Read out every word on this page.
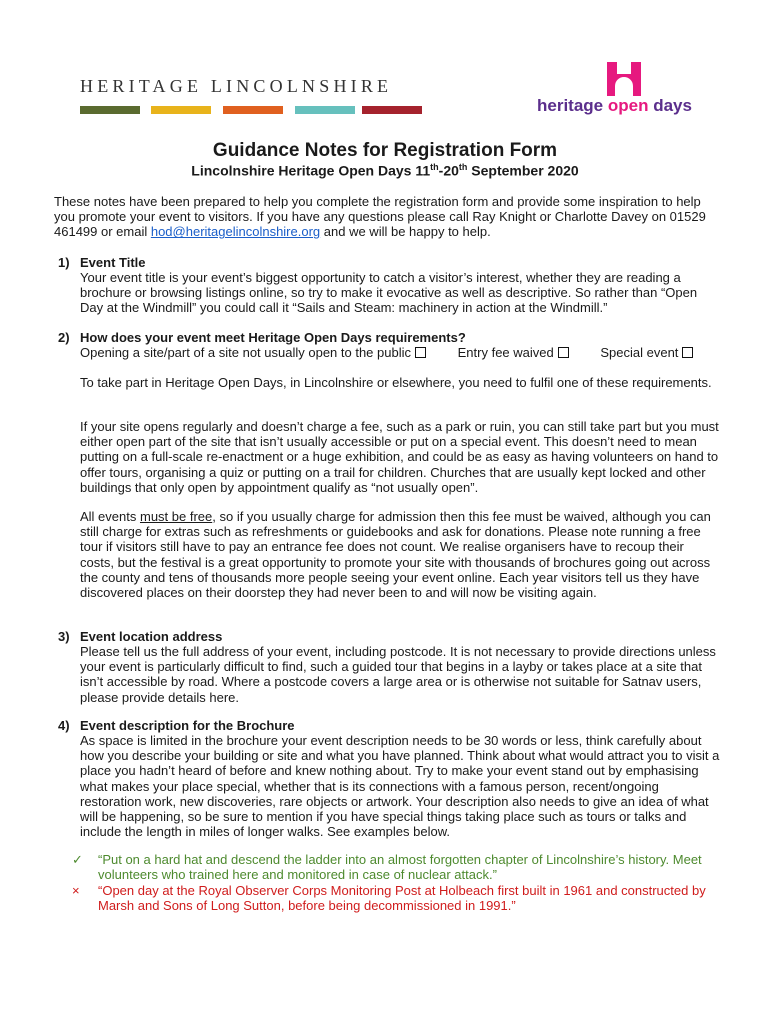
HERITAGE LINCOLNSHIRE
heritage open days
Guidance Notes for Registration Form
Lincolnshire Heritage Open Days 11th-20th September 2020
These notes have been prepared to help you complete the registration form and provide some inspiration to help you promote your event to visitors. If you have any questions please call Ray Knight or Charlotte Davey on 01529 461499 or email hod@heritagelincolnshire.org and we will be happy to help.
1) Event Title
Your event title is your event’s biggest opportunity to catch a visitor’s interest, whether they are reading a brochure or browsing listings online, so try to make it evocative as well as descriptive. So rather than “Open Day at the Windmill” you could call it “Sails and Steam: machinery in action at the Windmill.”
2) How does your event meet Heritage Open Days requirements?
Opening a site/part of a site not usually open to the public	Entry fee waived	Special event
To take part in Heritage Open Days, in Lincolnshire or elsewhere, you need to fulfil one of these requirements.
If your site opens regularly and doesn’t charge a fee, such as a park or ruin, you can still take part but you must either open part of the site that isn’t usually accessible or put on a special event. This doesn’t need to mean putting on a full-scale re-enactment or a huge exhibition, and could be as easy as having volunteers on hand to offer tours, organising a quiz or putting on a trail for children. Churches that are usually kept locked and other buildings that only open by appointment qualify as “not usually open”.
All events must be free, so if you usually charge for admission then this fee must be waived, although you can still charge for extras such as refreshments or guidebooks and ask for donations. Please note running a free tour if visitors still have to pay an entrance fee does not count. We realise organisers have to recoup their costs, but the festival is a great opportunity to promote your site with thousands of brochures going out across the county and tens of thousands more people seeing your event online. Each year visitors tell us they have discovered places on their doorstep they had never been to and will now be visiting again.
3) Event location address
Please tell us the full address of your event, including postcode. It is not necessary to provide directions unless your event is particularly difficult to find, such a guided tour that begins in a layby or takes place at a site that isn’t accessible by road. Where a postcode covers a large area or is otherwise not suitable for Satnav users, please provide details here.
4) Event description for the Brochure
As space is limited in the brochure your event description needs to be 30 words or less, think carefully about how you describe your building or site and what you have planned. Think about what would attract you to visit a place you hadn’t heard of before and knew nothing about. Try to make your event stand out by emphasising what makes your place special, whether that is its connections with a famous person, recent/ongoing restoration work, new discoveries, rare objects or artwork. Your description also needs to give an idea of what will be happening, so be sure to mention if you have special things taking place such as tours or talks and include the length in miles of longer walks. See examples below.
✓ “Put on a hard hat and descend the ladder into an almost forgotten chapter of Lincolnshire’s history. Meet volunteers who trained here and monitored in case of nuclear attack.”
×	“Open day at the Royal Observer Corps Monitoring Post at Holbeach first built in 1961 and constructed by Marsh and Sons of Long Sutton, before being decommissioned in 1991.”
